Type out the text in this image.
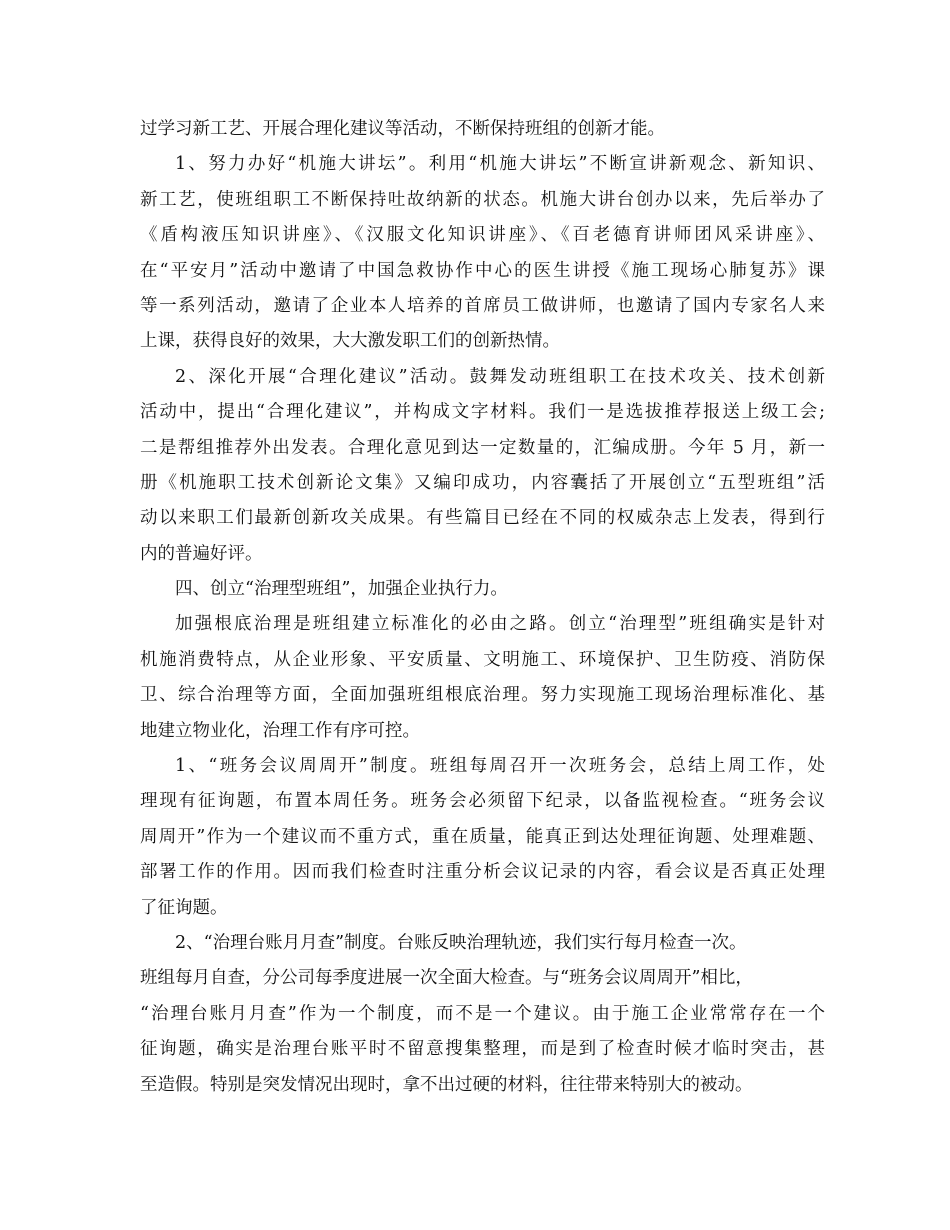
过学习新工艺、开展合理化建议等活动，不断保持班组的创新才能。
1、努力办好“机施大讲坛”。利用“机施大讲坛”不断宣讲新观念、新知识、
新工艺，使班组职工不断保持吐故纳新的状态。机施大讲台创办以来，先后举办了
《盾构液压知识讲座》、《汉服文化知识讲座》、《百老德育讲师团风采讲座》、
在“平安月”活动中邀请了中国急救协作中心的医生讲授《施工现场心肺复苏》课
等一系列活动，邀请了企业本人培养的首席员工做讲师，也邀请了国内专家名人来
上课，获得良好的效果，大大激发职工们的创新热情。
2、深化开展“合理化建议”活动。鼓舞发动班组职工在技术攻关、技术创新
活动中，提出“合理化建议”，并构成文字材料。我们一是选拔推荐报送上级工会;
二是帮组推荐外出发表。合理化意见到达一定数量的，汇编成册。今年 5 月，新一
册《机施职工技术创新论文集》又编印成功，内容囊括了开展创立“五型班组”活
动以来职工们最新创新攻关成果。有些篇目已经在不同的权威杂志上发表，得到行
内的普遍好评。
四、创立“治理型班组”，加强企业执行力。
加强根底治理是班组建立标准化的必由之路。创立“治理型”班组确实是针对
机施消费特点，从企业形象、平安质量、文明施工、环境保护、卫生防疫、消防保
卫、综合治理等方面，全面加强班组根底治理。努力实现施工现场治理标准化、基
地建立物业化，治理工作有序可控。
1、“班务会议周周开”制度。班组每周召开一次班务会，总结上周工作，处
理现有征询题，布置本周任务。班务会必须留下纪录，以备监视检查。“班务会议
周周开”作为一个建议而不重方式，重在质量，能真正到达处理征询题、处理难题、
部署工作的作用。因而我们检查时注重分析会议记录的内容，看会议是否真正处理
了征询题。
2、“治理台账月月查”制度。台账反映治理轨迹，我们实行每月检查一次。
班组每月自查，分公司每季度进展一次全面大检查。与“班务会议周周开”相比，
“治理台账月月查”作为一个制度，而不是一个建议。由于施工企业常常存在一个
征询题，确实是治理台账平时不留意搜集整理，而是到了检查时候才临时突击，甚
至造假。特别是突发情况出现时，拿不出过硬的材料，往往带来特别大的被动。
